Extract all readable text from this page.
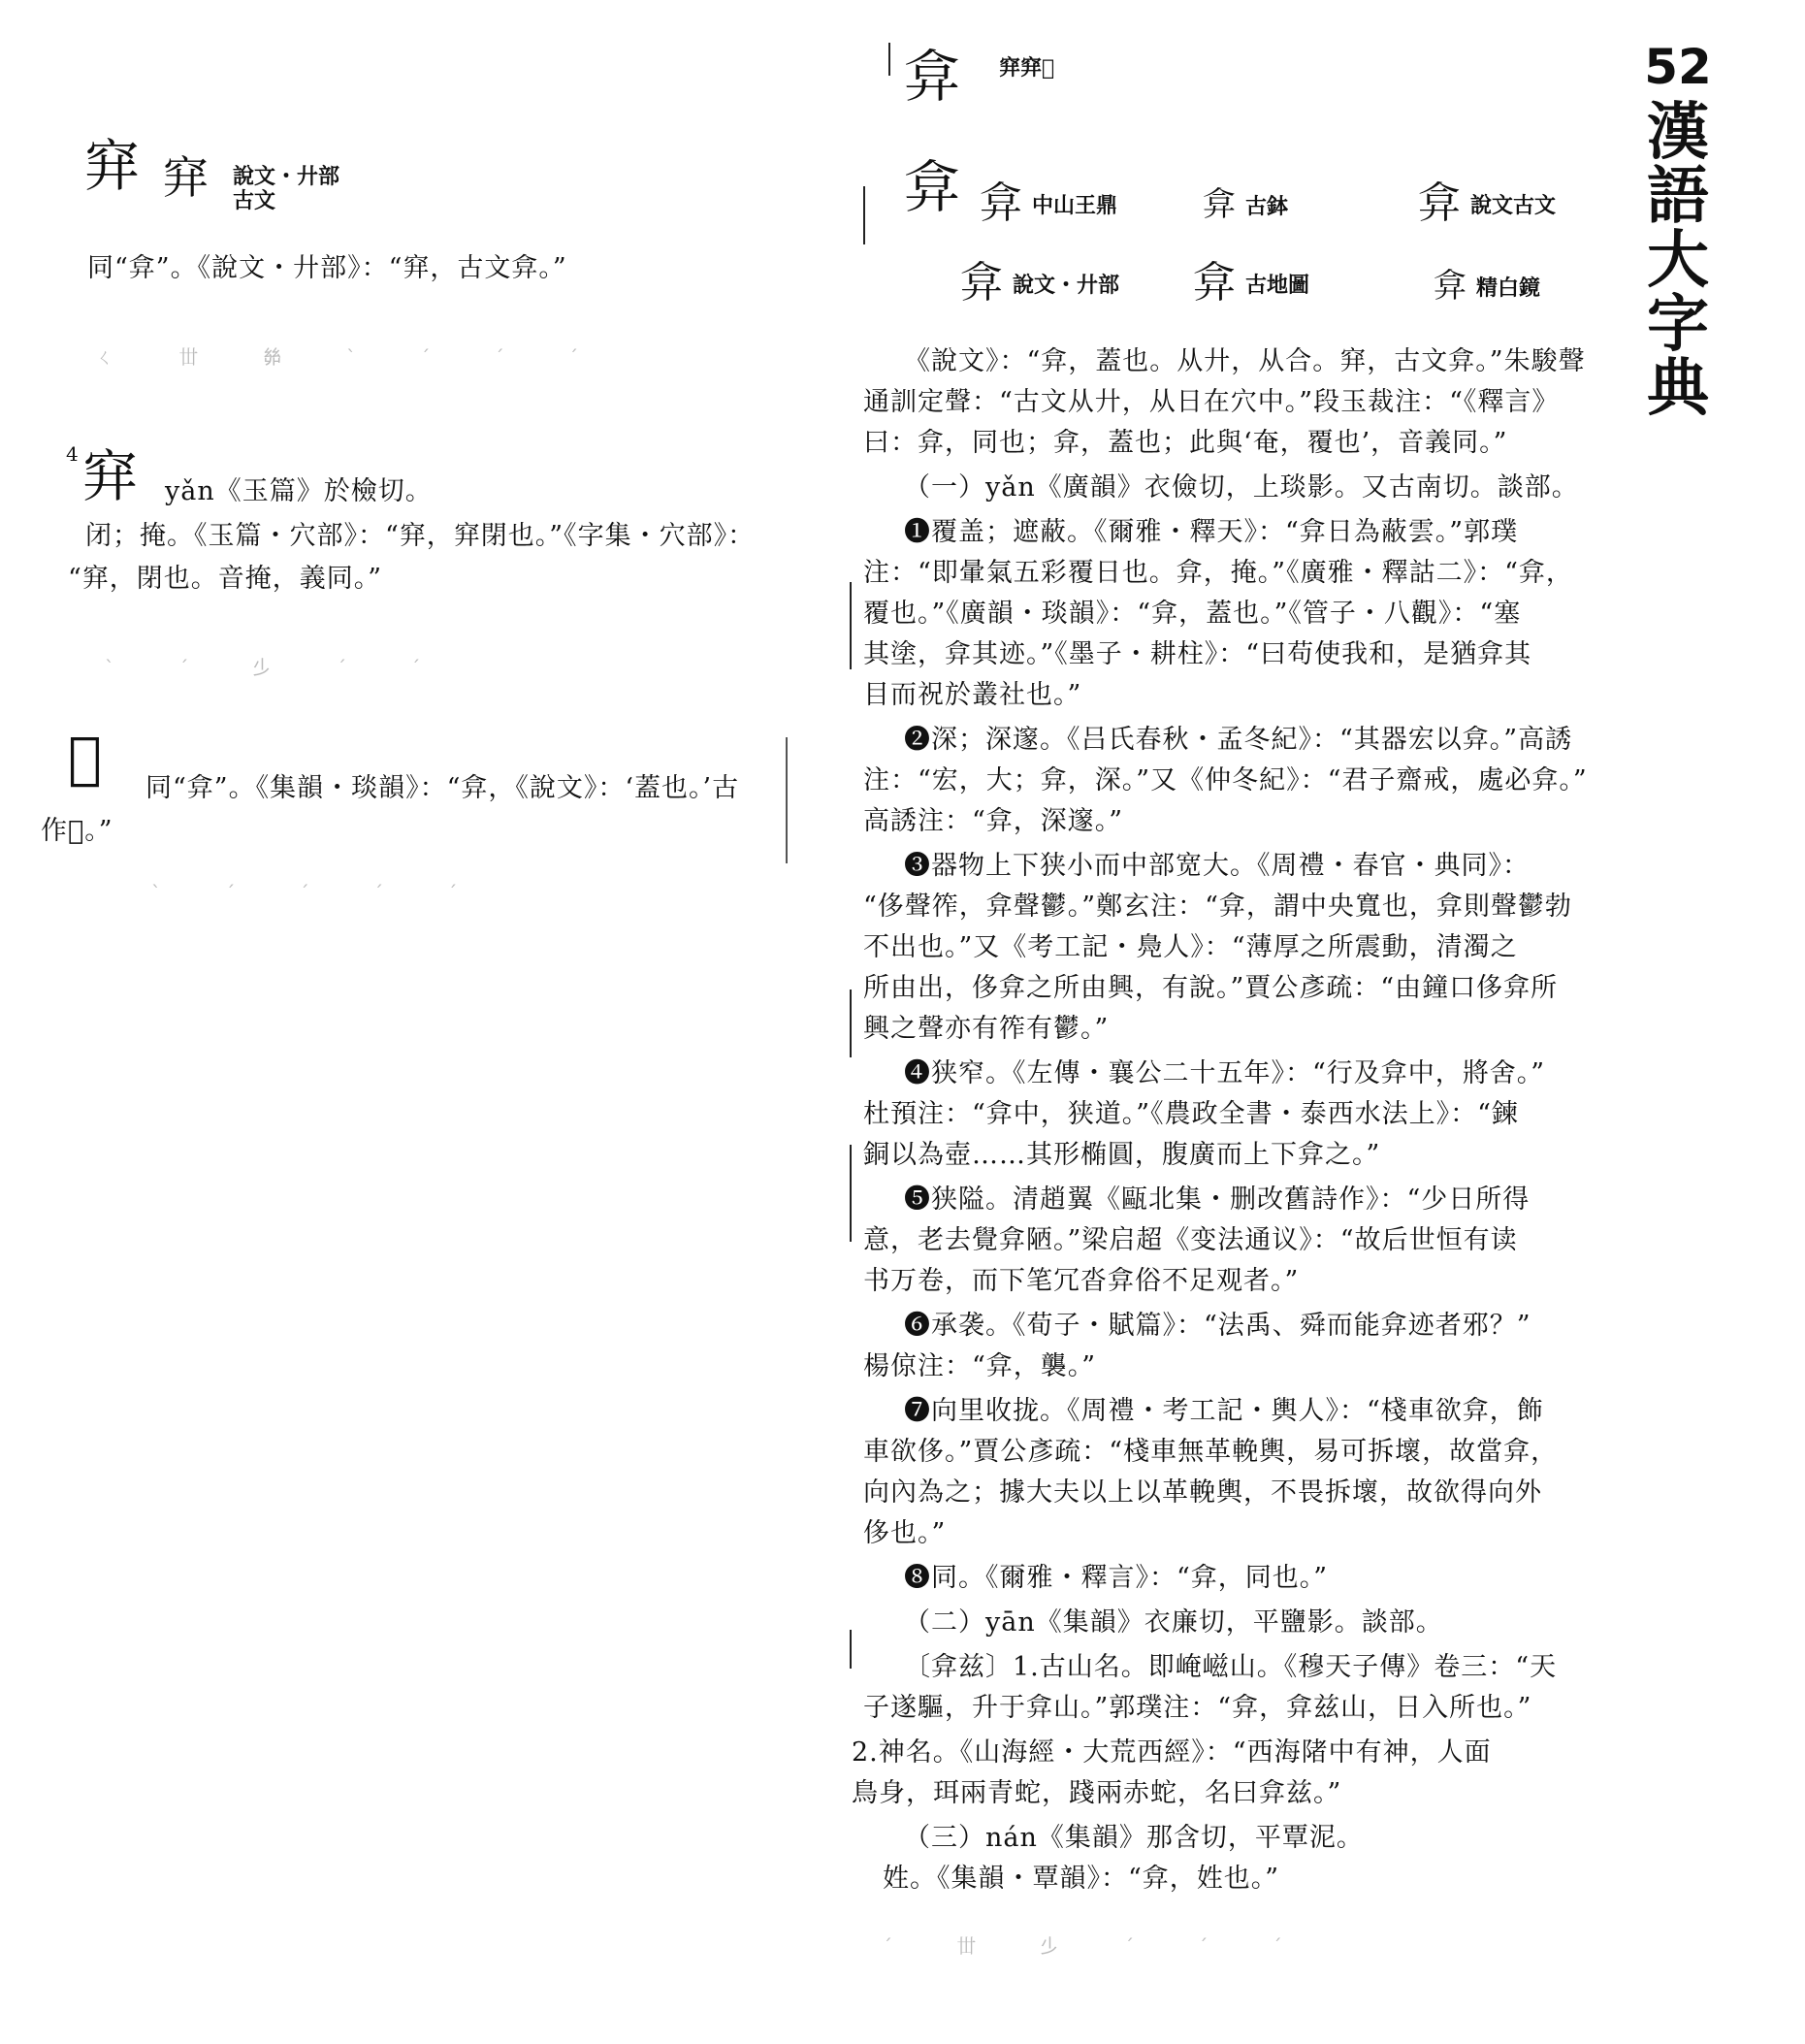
穽 穽 說文・廾部
古文
同“弇”。《說文・廾部》：“穽，古文弇。”
ㄑ 丗 𢇇 ˋ ˊ ˊ ˊ
4 穽 yǎn《玉篇》於檢切。
闭；掩。《玉篇・穴部》：“穽，穽閉也。”《字集・穴部》：
“穽，閉也。音掩，義同。”
ˋ ˊ 𣥂 ˊ ˊ
𡫏 同“弇”。《集韻・琰韻》：“弇，《說文》：‘蓋也。’古
作𡫏。”
ˋ ˊ ˊ ˊ ˊ
弇 穽穽𡫏
弇 弇 中山王鼎	弇 古鉢	弇 說文古文
弇 說文・廾部 弇 古地圖	弇 精白鏡

《說文》：“弇，蓋也。从廾，从合。穽，古文弇。”朱駿聲

通訓定聲：“古文从廾，从日在穴中。”段玉裁注：“《釋言》

曰：弇，同也；弇，蓋也；此與‘奄，覆也’，音義同。”

（一）yǎn《廣韻》衣儉切，上琰影。又古南切。談部。

❶覆盖；遮蔽。《爾雅・釋天》：“弇日為蔽雲。”郭璞

注：“即暈氣五彩覆日也。弇，掩。”《廣雅・釋詁二》：“弇，

覆也。”《廣韻・琰韻》：“弇，蓋也。”《管子・八觀》：“塞

其塗，弇其迹。”《墨子・耕柱》：“曰苟使我和，是猶弇其

目而祝於叢社也。”

❷深；深邃。《吕氏春秋・孟冬紀》：“其器宏以弇。”高誘

注：“宏，大；弇，深。”又《仲冬紀》：“君子齋戒，處必弇。”

高誘注：“弇，深邃。”

❸器物上下狭小而中部宽大。《周禮・春官・典同》：

“侈聲筰，弇聲鬱。”鄭玄注：“弇，謂中央寬也，弇則聲鬱勃

不出也。”又《考工記・鳧人》：“薄厚之所震動，清濁之

所由出，侈弇之所由興，有說。”賈公彥疏：“由鐘口侈弇所

興之聲亦有筰有鬱。”

❹狭窄。《左傳・襄公二十五年》：“行及弇中，將舍。”

杜預注：“弇中，狭道。”《農政全書・泰西水法上》：“鍊

銅以為壺……其形椭圓，腹廣而上下弇之。”

❺狭隘。清趙翼《甌北集・删改舊詩作》：“少日所得

意，老去覺弇陋。”梁启超《变法通议》：“故后世恒有读

书万卷，而下笔冗沓弇俗不足观者。”

❻承袭。《荀子・賦篇》：“法禹、舜而能弇迹者邪？”

楊倞注：“弇，襲。”

❼向里收拢。《周禮・考工記・輿人》：“棧車欲弇，飾

車欲侈。”賈公彥疏：“棧車無革輓輿，易可拆壞，故當弇，

向內為之；據大夫以上以革輓輿，不畏拆壞，故欲得向外

侈也。”

❽同。《爾雅・釋言》：“弇，同也。”

（二）yān《集韻》衣廉切，平鹽影。談部。

〔弇兹〕1.古山名。即崦嵫山。《穆天子傳》卷三：“天

子遂驅，升于弇山。”郭璞注：“弇，弇兹山，日入所也。”

2.神名。《山海經・大荒西經》：“西海陼中有神，人面

鳥身，珥兩青蛇，踐兩赤蛇，名曰弇兹。”

（三）nán《集韻》那含切，平覃泥。

姓。《集韻・覃韻》：“弇，姓也。”

ˊ 丗 𣥂 ˊ ˊ ˊ
52
漢
語
大
字
典
